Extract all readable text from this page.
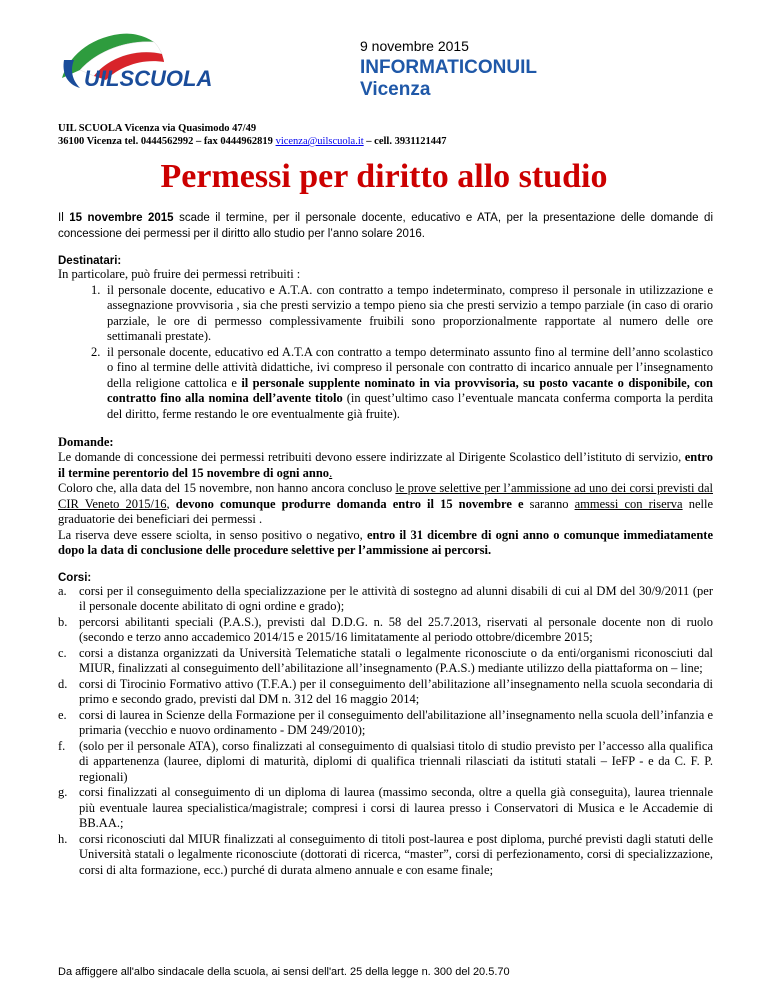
UILSCUOLA
9 novembre 2015
INFORMATICONUIL
Vicenza
UIL SCUOLA Vicenza via Quasimodo 47/49
36100 Vicenza tel. 0444562992 – fax 0444962819 vicenza@uilscuola.it – cell. 3931121447
Permessi per diritto allo studio

Il 15 novembre 2015 scade il termine, per il personale docente, educativo e ATA, per la presentazione delle domande di concessione dei permessi per il diritto allo studio per l’anno solare 2016.

Destinatari:

In particolare, può fruire dei permessi retribuiti :

1. il personale docente, educativo e A.T.A. con contratto a tempo indeterminato, compreso il personale in utilizzazione e assegnazione provvisoria , sia che presti servizio a tempo pieno sia che presti servizio a tempo parziale (in caso di orario parziale, le ore di permesso complessivamente fruibili sono proporzionalmente rapportate al numero delle ore settimanali prestate).
2. il personale docente, educativo ed A.T.A con contratto a tempo determinato assunto fino al termine dell’anno scolastico o fino al termine delle attività didattiche, ivi compreso il personale con contratto di incarico annuale per l’insegnamento della religione cattolica e il personale supplente nominato in via provvisoria, su posto vacante o disponibile, con contratto fino alla nomina dell’avente titolo (in quest’ultimo caso l’eventuale mancata conferma comporta la perdita del diritto, ferme restando le ore eventualmente già fruite).
Domande:

Le domande di concessione dei permessi retribuiti devono essere indirizzate al Dirigente Scolastico dell’istituto di servizio, entro il termine perentorio del 15 novembre di ogni anno.

Coloro che, alla data del 15 novembre, non hanno ancora concluso le prove selettive per l’ammissione ad uno dei corsi previsti dal CIR Veneto 2015/16, devono comunque produrre domanda entro il 15 novembre e saranno ammessi con riserva nelle graduatorie dei beneficiari dei permessi .

La riserva deve essere sciolta, in senso positivo o negativo, entro il 31 dicembre di ogni anno o comunque immediatamente dopo la data di conclusione delle procedure selettive per l’ammissione ai percorsi.

Corsi:
a. corsi per il conseguimento della specializzazione per le attività di sostegno ad alunni disabili di cui al DM del 30/9/2011 (per il personale docente abilitato di ogni ordine e grado);
b. percorsi abilitanti speciali (P.A.S.), previsti dal D.D.G. n. 58 del 25.7.2013, riservati al personale docente non di ruolo (secondo e terzo anno accademico 2014/15 e 2015/16 limitatamente al periodo ottobre/dicembre 2015;
c. corsi a distanza organizzati da Università Telematiche statali o legalmente riconosciute o da enti/organismi riconosciuti dal MIUR, finalizzati al conseguimento dell’abilitazione all’insegnamento (P.A.S.) mediante utilizzo della piattaforma on – line;
d. corsi di Tirocinio Formativo attivo (T.F.A.) per il conseguimento dell’abilitazione all’insegnamento nella scuola secondaria di primo e secondo grado, previsti dal DM n. 312 del 16 maggio 2014;
e. corsi di laurea in Scienze della Formazione per il conseguimento dell'abilitazione all’insegnamento nella scuola dell’infanzia e primaria (vecchio e nuovo ordinamento - DM 249/2010);
f. (solo per il personale ATA), corso finalizzati al conseguimento di qualsiasi titolo di studio previsto per l’accesso alla qualifica di appartenenza (lauree, diplomi di maturità, diplomi di qualifica triennali rilasciati da istituti statali – IeFP - e da C. F. P. regionali)
g. corsi finalizzati al conseguimento di un diploma di laurea (massimo seconda, oltre a quella già conseguita), laurea triennale più eventuale laurea specialistica/magistrale; compresi i corsi di laurea presso i Conservatori di Musica e le Accademie di BB.AA.;
h. corsi riconosciuti dal MIUR finalizzati al conseguimento di titoli post-laurea e post diploma, purché previsti dagli statuti delle Università statali o legalmente riconosciute (dottorati di ricerca, “master”, corsi di perfezionamento, corsi di specializzazione, corsi di alta formazione, ecc.) purché di durata almeno annuale e con esame finale;
Da affiggere all'albo sindacale della scuola, ai sensi dell'art. 25 della legge n. 300 del 20.5.70
